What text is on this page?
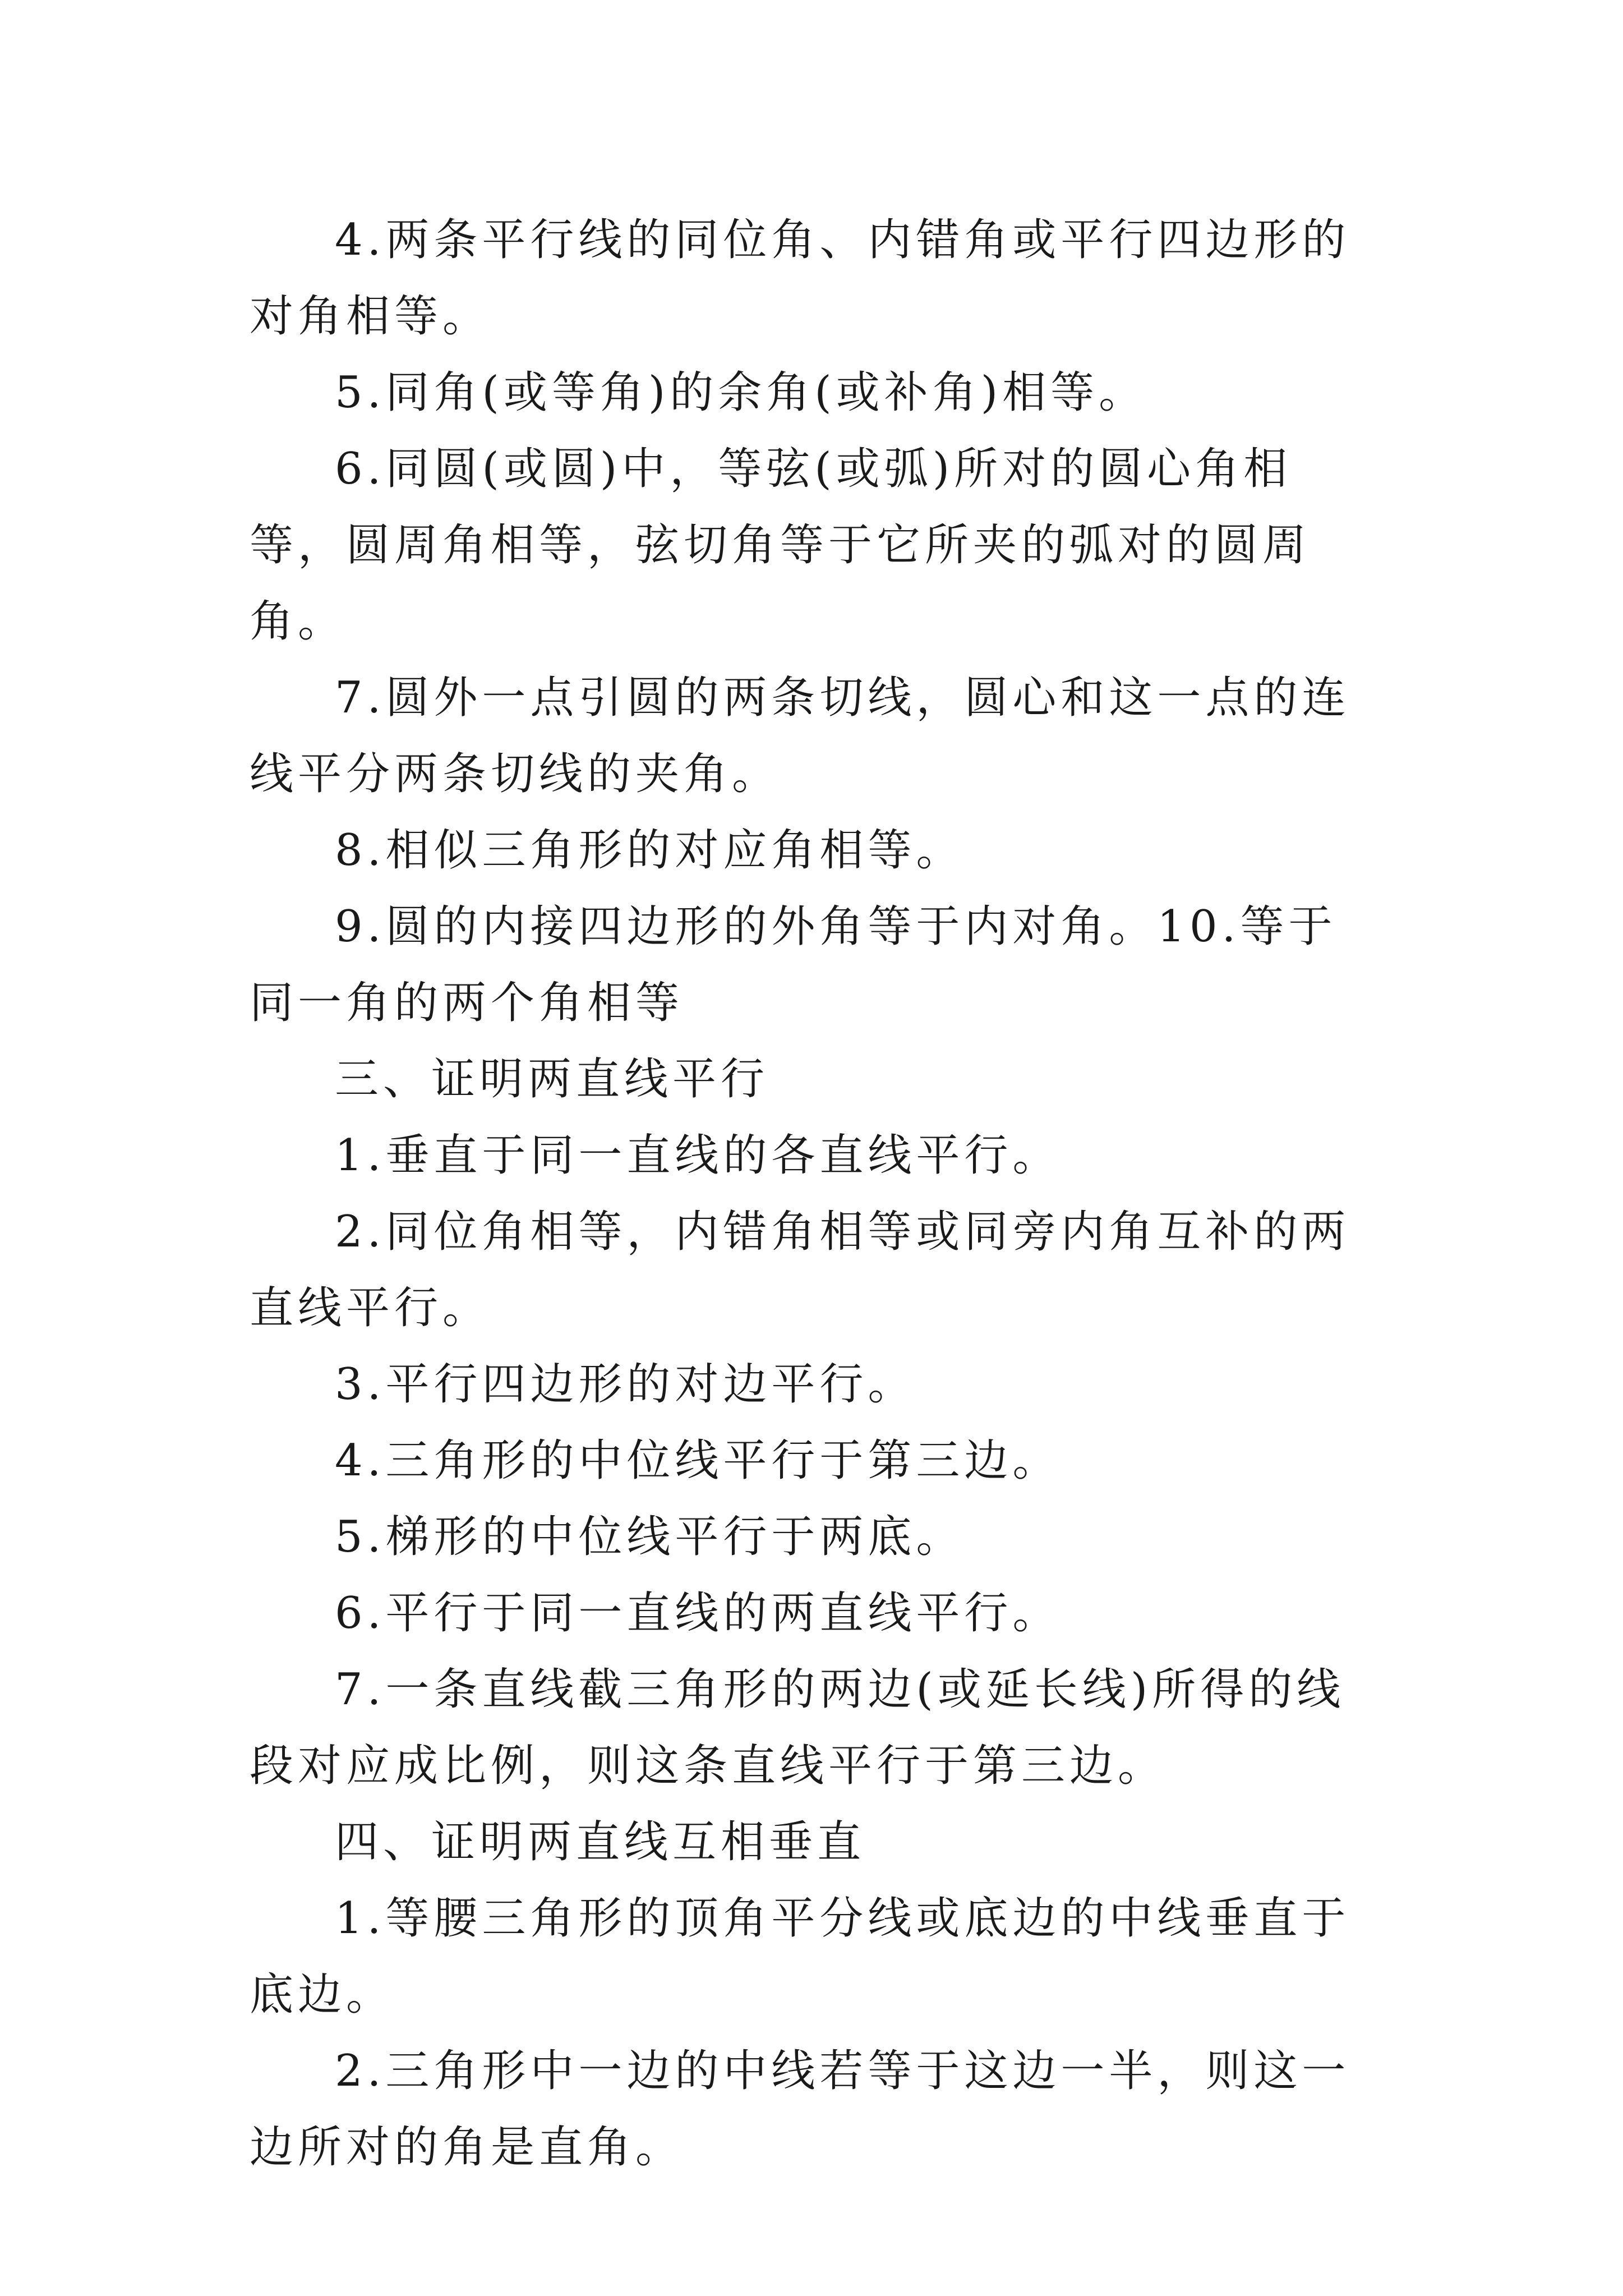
4.两条平行线的同位角、内错角或平行四边形的对角相等。

5.同角(或等角)的余角(或补角)相等。

6.同圆(或圆)中，等弦(或弧)所对的圆心角相等，圆周角相等，弦切角等于它所夹的弧对的圆周角。

7.圆外一点引圆的两条切线，圆心和这一点的连线平分两条切线的夹角。

8.相似三角形的对应角相等。

9.圆的内接四边形的外角等于内对角。10.等于同一角的两个角相等

三、证明两直线平行

1.垂直于同一直线的各直线平行。

2.同位角相等，内错角相等或同旁内角互补的两直线平行。

3.平行四边形的对边平行。

4.三角形的中位线平行于第三边。

5.梯形的中位线平行于两底。

6.平行于同一直线的两直线平行。

7.一条直线截三角形的两边(或延长线)所得的线段对应成比例，则这条直线平行于第三边。

四、证明两直线互相垂直

1.等腰三角形的顶角平分线或底边的中线垂直于底边。

2.三角形中一边的中线若等于这边一半，则这一边所对的角是直角。
